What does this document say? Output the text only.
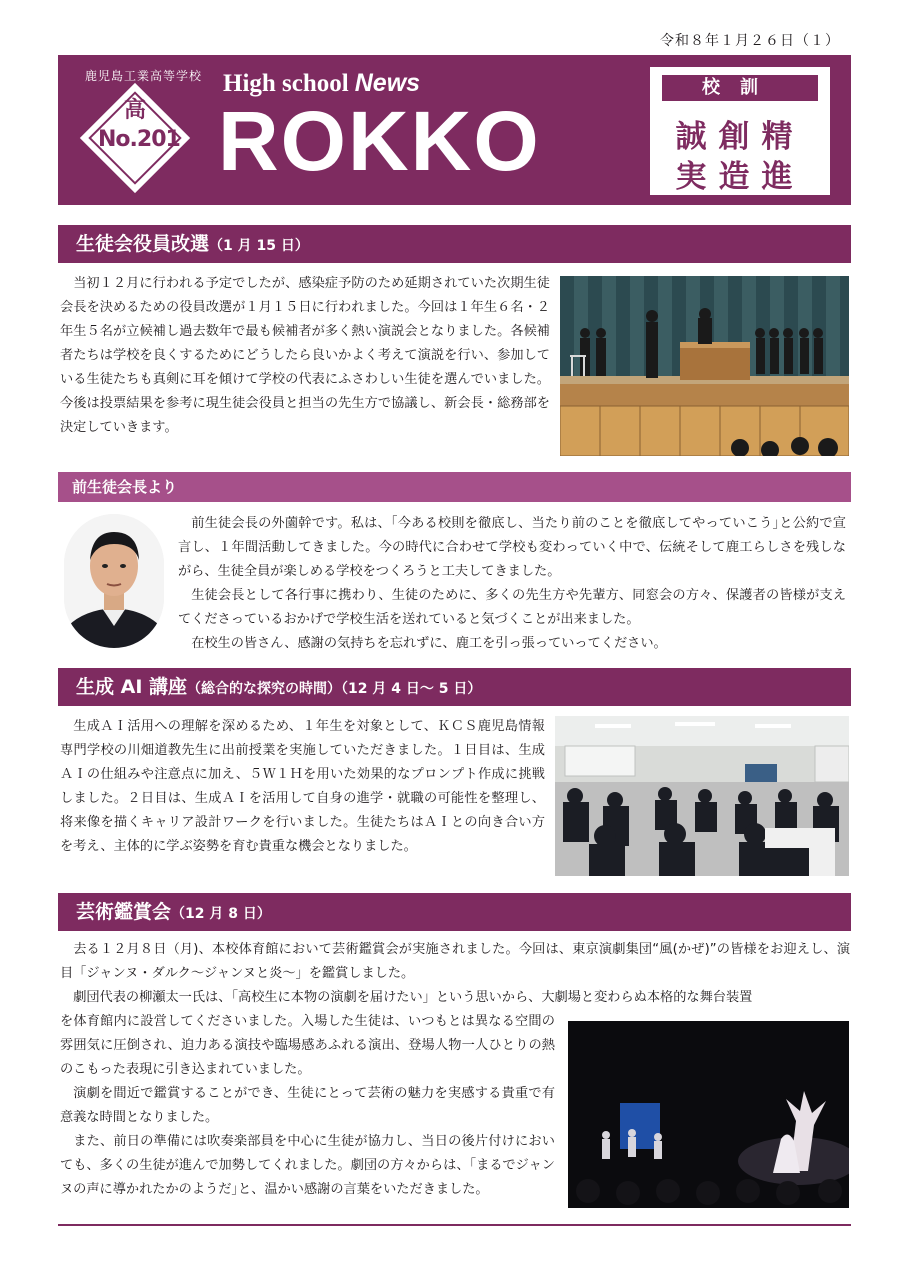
令和８年１月２６日（１）
鹿児島工業高等学校
高
No.201
High school News
ROKKO
校訓
誠創精
実造進
生徒会役員改選（1 月 15 日）

当初１２月に行われる予定でしたが、感染症予防のため延期されていた次期生徒会長を決めるための役員改選が１月１５日に行われました。今回は１年生６名・２年生５名が立候補し過去数年で最も候補者が多く熱い演説会となりました。各候補者たちは学校を良くするためにどうしたら良いかよく考えて演説を行い、参加している生徒たちも真剣に耳を傾けて学校の代表にふさわしい生徒を選んでいました。今後は投票結果を参考に現生徒会役員と担当の先生方で協議し、新会長・総務部を決定していきます。

前生徒会長より

前生徒会長の外薗幹です。私は、｢今ある校則を徹底し、当たり前のことを徹底してやっていこう｣と公約で宣言し、１年間活動してきました。今の時代に合わせて学校も変わっていく中で、伝統そして鹿工らしさを残しながら、生徒全員が楽しめる学校をつくろうと工夫してきました。

生徒会長として各行事に携わり、生徒のために、多くの先生方や先輩方、同窓会の方々、保護者の皆様が支えてくださっているおかげで学校生活を送れていると気づくことが出来ました。

在校生の皆さん、感謝の気持ちを忘れずに、鹿工を引っ張っていってください。

生成 AI 講座（総合的な探究の時間）（12 月 4 日～ 5 日）

生成ＡＩ活用への理解を深めるため、１年生を対象として、ＫＣＳ鹿児島情報専門学校の川畑道教先生に出前授業を実施していただきました。１日目は、生成ＡＩの仕組みや注意点に加え、５Ｗ１Ｈを用いた効果的なプロンプト作成に挑戦しました。２日目は、生成ＡＩを活用して自身の進学・就職の可能性を整理し、将来像を描くキャリア設計ワークを行いました。生徒たちはＡＩとの向き合い方を考え、主体的に学ぶ姿勢を育む貴重な機会となりました。

芸術鑑賞会（12 月 8 日）

去る１２月８日（月)、本校体育館において芸術鑑賞会が実施されました。今回は、東京演劇集団“風(かぜ)”の皆様をお迎えし、演目「ジャンヌ・ダルク～ジャンヌと炎～」を鑑賞しました。

劇団代表の柳瀬太一氏は、「高校生に本物の演劇を届けたい」という思いから、大劇場と変わらぬ本格的な舞台装置

を体育館内に設営してくださいました。入場した生徒は、いつもとは異なる空間の雰囲気に圧倒され、迫力ある演技や臨場感あふれる演出、登場人物一人ひとりの熱のこもった表現に引き込まれていました。

演劇を間近で鑑賞することができ、生徒にとって芸術の魅力を実感する貴重で有意義な時間となりました。

また、前日の準備には吹奏楽部員を中心に生徒が協力し、当日の後片付けにおいても、多くの生徒が進んで加勢してくれました。劇団の方々からは、｢まるでジャンヌの声に導かれたかのようだ｣と、温かい感謝の言葉をいただきました。
